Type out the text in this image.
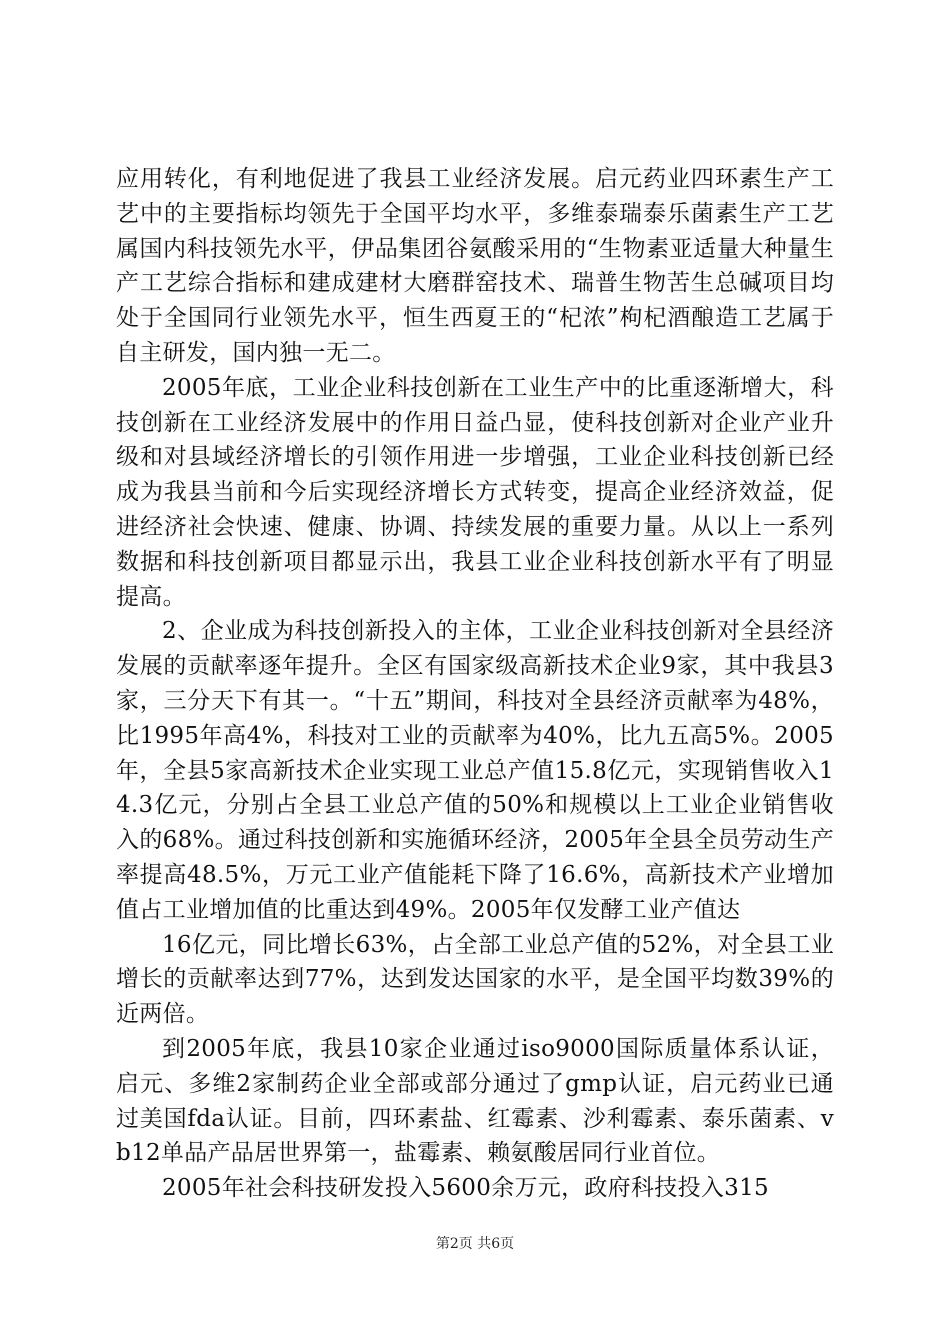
应用转化，有利地促进了我县工业经济发展。启元药业四环素生产工艺中的主要指标均领先于全国平均水平，多维泰瑞泰乐菌素生产工艺属国内科技领先水平，伊品集团谷氨酸采用的“生物素亚适量大种量生产工艺综合指标和建成建材大磨群窑技术、瑞普生物苦生总碱项目均处于全国同行业领先水平，恒生西夏王的“杞浓”枸杞酒酿造工艺属于自主研发，国内独一无二。

2005年底，工业企业科技创新在工业生产中的比重逐渐增大，科技创新在工业经济发展中的作用日益凸显，使科技创新对企业产业升级和对县域经济增长的引领作用进一步增强，工业企业科技创新已经成为我县当前和今后实现经济增长方式转变，提高企业经济效益，促进经济社会快速、健康、协调、持续发展的重要力量。从以上一系列数据和科技创新项目都显示出，我县工业企业科技创新水平有了明显提高。

2、企业成为科技创新投入的主体，工业企业科技创新对全县经济发展的贡献率逐年提升。全区有国家级高新技术企业9家，其中我县3家，三分天下有其一。“十五”期间，科技对全县经济贡献率为48%，比1995年高4%，科技对工业的贡献率为40%，比九五高5%。2005年，全县5家高新技术企业实现工业总产值15.8亿元，实现销售收入14.3亿元，分别占全县工业总产值的50%和规模以上工业企业销售收入的68%。通过科技创新和实施循环经济，2005年全县全员劳动生产率提高48.5%，万元工业产值能耗下降了16.6%，高新技术产业增加值占工业增加值的比重达到49%。2005年仅发酵工业产值达

16亿元，同比增长63%，占全部工业总产值的52%，对全县工业增长的贡献率达到77%，达到发达国家的水平，是全国平均数39%的近两倍。

到2005年底，我县10家企业通过iso9000国际质量体系认证，启元、多维2家制药企业全部或部分通过了gmp认证，启元药业已通过美国fda认证。目前，四环素盐、红霉素、沙利霉素、泰乐菌素、vb12单品产品居世界第一，盐霉素、赖氨酸居同行业首位。

2005年社会科技研发投入5600余万元，政府科技投入315

第2页 共6页
